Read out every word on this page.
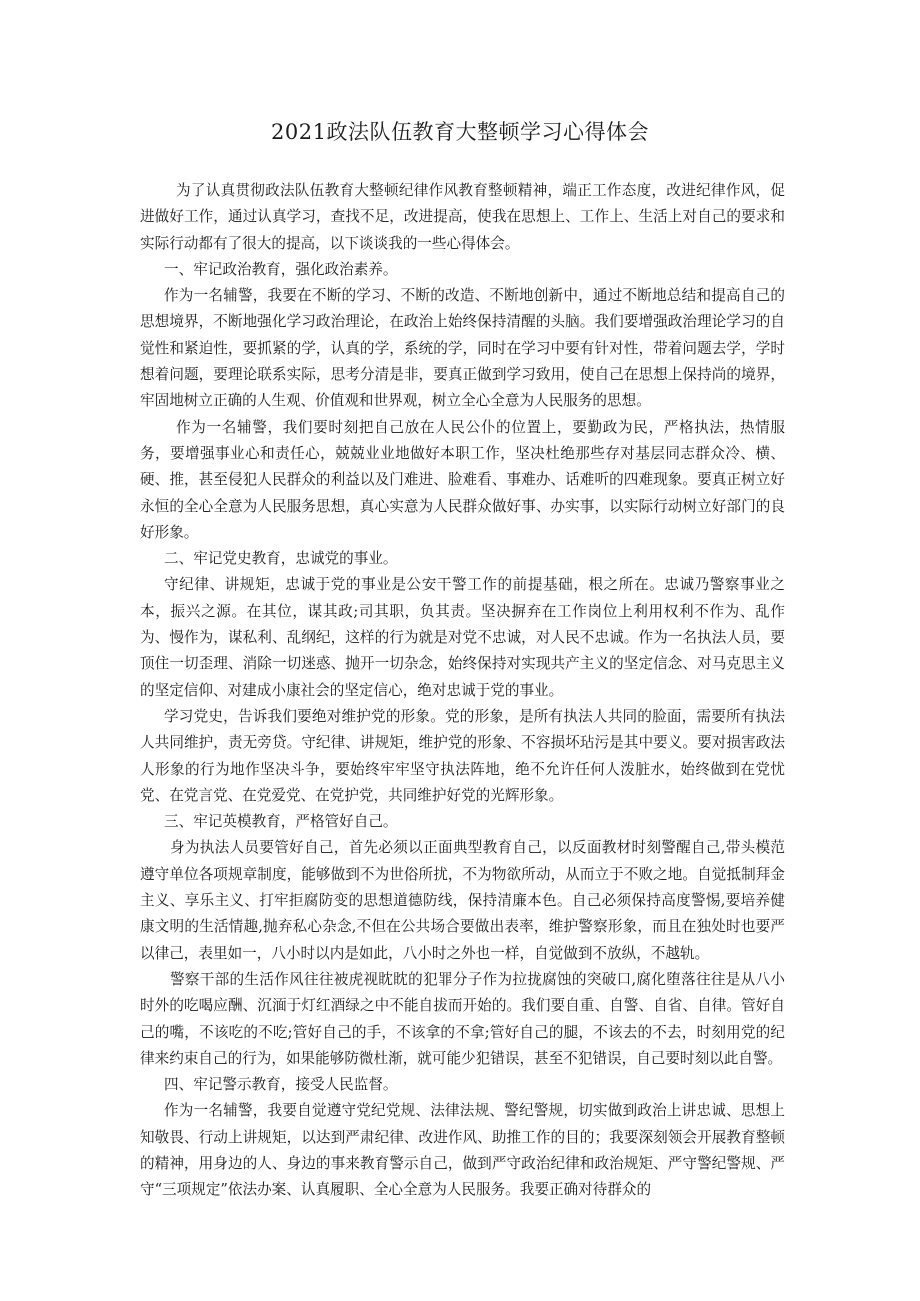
2021政法队伍教育大整顿学习心得体会

为了认真贯彻政法队伍教育大整顿纪律作风教育整顿精神，端正工作态度，改进纪律作风，促进做好工作，通过认真学习，查找不足，改进提高，使我在思想上、工作上、生活上对自己的要求和实际行动都有了很大的提高，以下谈谈我的一些心得体会。

一、牢记政治教育，强化政治素养。

作为一名辅警，我要在不断的学习、不断的改造、不断地创新中，通过不断地总结和提高自己的思想境界，不断地强化学习政治理论，在政治上始终保持清醒的头脑。我们要增强政治理论学习的自觉性和紧迫性，要抓紧的学，认真的学，系统的学，同时在学习中要有针对性，带着问题去学，学时想着问题，要理论联系实际，思考分清是非，要真正做到学习致用，使自己在思想上保持尚的境界，牢固地树立正确的人生观、价值观和世界观，树立全心全意为人民服务的思想。

作为一名辅警，我们要时刻把自己放在人民公仆的位置上，要勤政为民，严格执法，热情服务，要增强事业心和责任心，兢兢业业地做好本职工作，坚决杜绝那些存对基层同志群众冷、横、硬、推，甚至侵犯人民群众的利益以及门难进、脸难看、事难办、话难听的四难现象。要真正树立好永恒的全心全意为人民服务思想，真心实意为人民群众做好事、办实事，以实际行动树立好部门的良好形象。

二、牢记党史教育，忠诚党的事业。

守纪律、讲规矩，忠诚于党的事业是公安干警工作的前提基础，根之所在。忠诚乃警察事业之本，振兴之源。在其位，谋其政;司其职，负其责。坚决摒弃在工作岗位上利用权利不作为、乱作为、慢作为，谋私利、乱纲纪，这样的行为就是对党不忠诚，对人民不忠诚。作为一名执法人员，要顶住一切歪理、消除一切迷惑、抛开一切杂念，始终保持对实现共产主义的坚定信念、对马克思主义的坚定信仰、对建成小康社会的坚定信心，绝对忠诚于党的事业。

学习党史，告诉我们要绝对维护党的形象。党的形象，是所有执法人共同的脸面，需要所有执法人共同维护，责无旁贷。守纪律、讲规矩，维护党的形象、不容损坏玷污是其中要义。要对损害政法人形象的行为地作坚决斗争，要始终牢牢坚守执法阵地，绝不允许任何人泼脏水，始终做到在党忧党、在党言党、在党爱党、在党护党，共同维护好党的光辉形象。

三、牢记英模教育，严格管好自己。

身为执法人员要管好自己，首先必须以正面典型教育自己，以反面教材时刻警醒自己,带头模范遵守单位各项规章制度，能够做到不为世俗所扰，不为物欲所动，从而立于不败之地。自觉抵制拜金主义、享乐主义、打牢拒腐防变的思想道德防线，保持清廉本色。自己必须保持高度警惕,要培养健康文明的生活情趣,抛弃私心杂念,不但在公共场合要做出表率，维护警察形象，而且在独处时也要严以律己，表里如一，八小时以内是如此，八小时之外也一样，自觉做到不放纵，不越轨。

警察干部的生活作风往往被虎视眈眈的犯罪分子作为拉拢腐蚀的突破口,腐化堕落往往是从八小时外的吃喝应酬、沉湎于灯红酒绿之中不能自拔而开始的。我们要自重、自警、自省、自律。管好自己的嘴，不该吃的不吃;管好自己的手，不该拿的不拿;管好自己的腿，不该去的不去，时刻用党的纪律来约束自己的行为，如果能够防微杜渐，就可能少犯错误，甚至不犯错误，自己要时刻以此自警。

四、牢记警示教育，接受人民监督。

作为一名辅警，我要自觉遵守党纪党规、法律法规、警纪警规，切实做到政治上讲忠诚、思想上知敬畏、行动上讲规矩，以达到严肃纪律、改进作风、助推工作的目的；我要深刻领会开展教育整顿的精神，用身边的人、身边的事来教育警示自己，做到严守政治纪律和政治规矩、严守警纪警规、严守“三项规定”依法办案、认真履职、全心全意为人民服务。我要正确对待群众的
